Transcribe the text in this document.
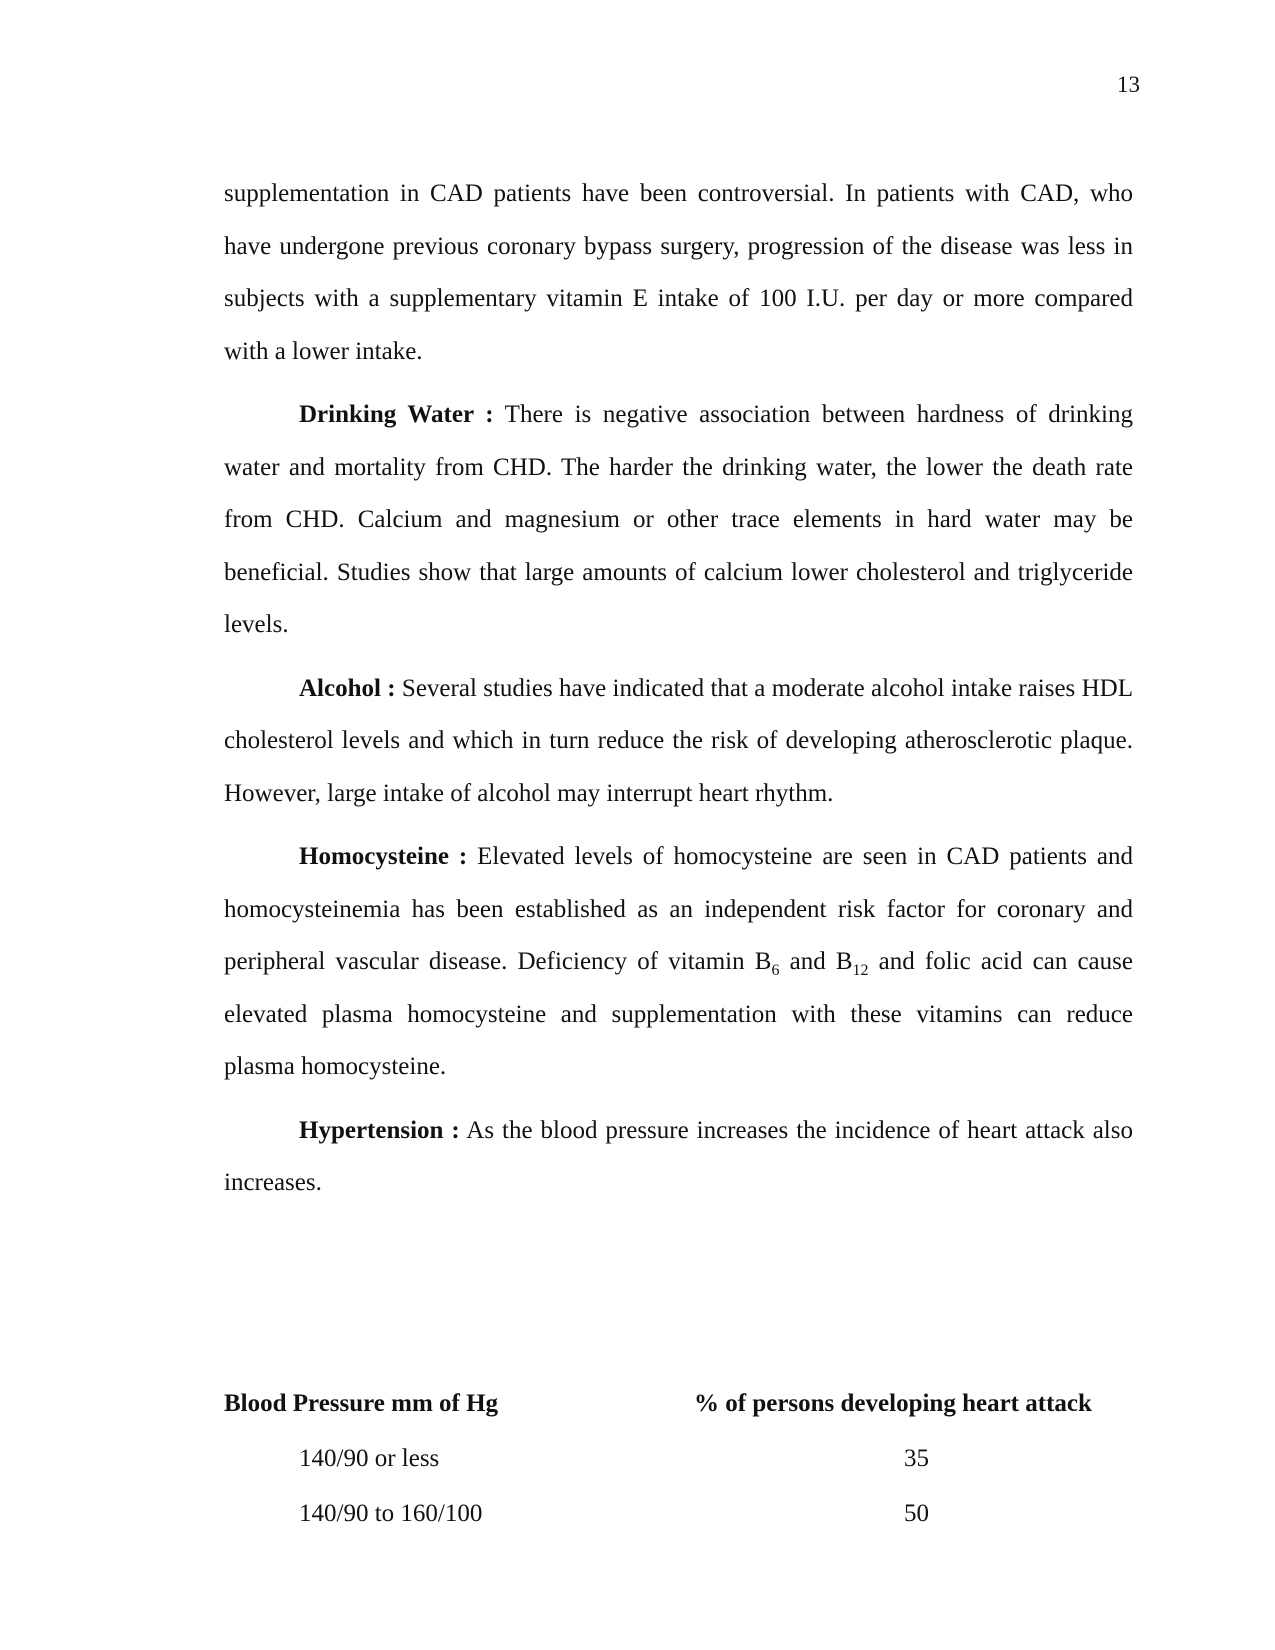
13

supplementation in CAD patients have been controversial. In patients with CAD, who have undergone previous coronary bypass surgery, progression of the disease was less in subjects with a supplementary vitamin E intake of 100 I.U. per day or more compared with a lower intake.

Drinking Water : There is negative association between hardness of drinking water and mortality from CHD. The harder the drinking water, the lower the death rate from CHD. Calcium and magnesium or other trace elements in hard water may be beneficial. Studies show that large amounts of calcium lower cholesterol and triglyceride levels.

Alcohol : Several studies have indicated that a moderate alcohol intake raises HDL cholesterol levels and which in turn reduce the risk of developing atherosclerotic plaque. However, large intake of alcohol may interrupt heart rhythm.

Homocysteine : Elevated levels of homocysteine are seen in CAD patients and homocysteinemia has been established as an independent risk factor for coronary and peripheral vascular disease. Deficiency of vitamin $B_6$ and $B_{12}$ and folic acid can cause elevated plasma homocysteine and supplementation with these vitamins can reduce plasma homocysteine.

Hypertension : As the blood pressure increases the incidence of heart attack also increases.

Blood Pressure mm of Hg	% of persons developing heart attack
140/90 or less	35
140/90 to 160/100	50
